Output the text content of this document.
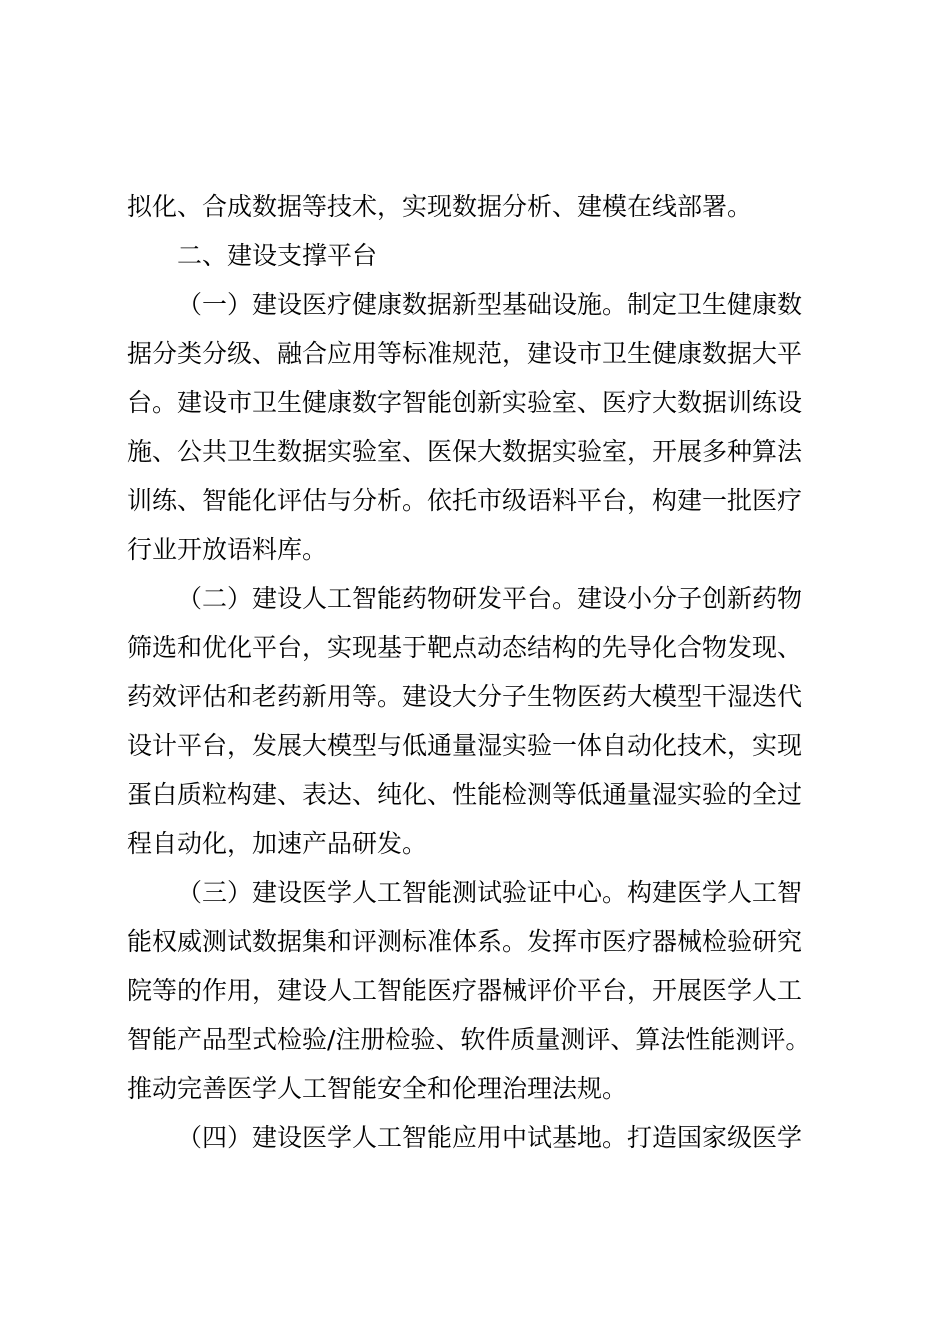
拟化、合成数据等技术，实现数据分析、建模在线部署。
二、建设支撑平台
（一）建设医疗健康数据新型基础设施。制定卫生健康数
据分类分级、融合应用等标准规范，建设市卫生健康数据大平
台。建设市卫生健康数字智能创新实验室、医疗大数据训练设
施、公共卫生数据实验室、医保大数据实验室，开展多种算法
训练、智能化评估与分析。依托市级语料平台，构建一批医疗
行业开放语料库。
（二）建设人工智能药物研发平台。建设小分子创新药物
筛选和优化平台，实现基于靶点动态结构的先导化合物发现、
药效评估和老药新用等。建设大分子生物医药大模型干湿迭代
设计平台，发展大模型与低通量湿实验一体自动化技术，实现
蛋白质粒构建、表达、纯化、性能检测等低通量湿实验的全过
程自动化，加速产品研发。
（三）建设医学人工智能测试验证中心。构建医学人工智
能权威测试数据集和评测标准体系。发挥市医疗器械检验研究
院等的作用，建设人工智能医疗器械评价平台，开展医学人工
智能产品型式检验/注册检验、软件质量测评、算法性能测评。
推动完善医学人工智能安全和伦理治理法规。
（四）建设医学人工智能应用中试基地。打造国家级医学
